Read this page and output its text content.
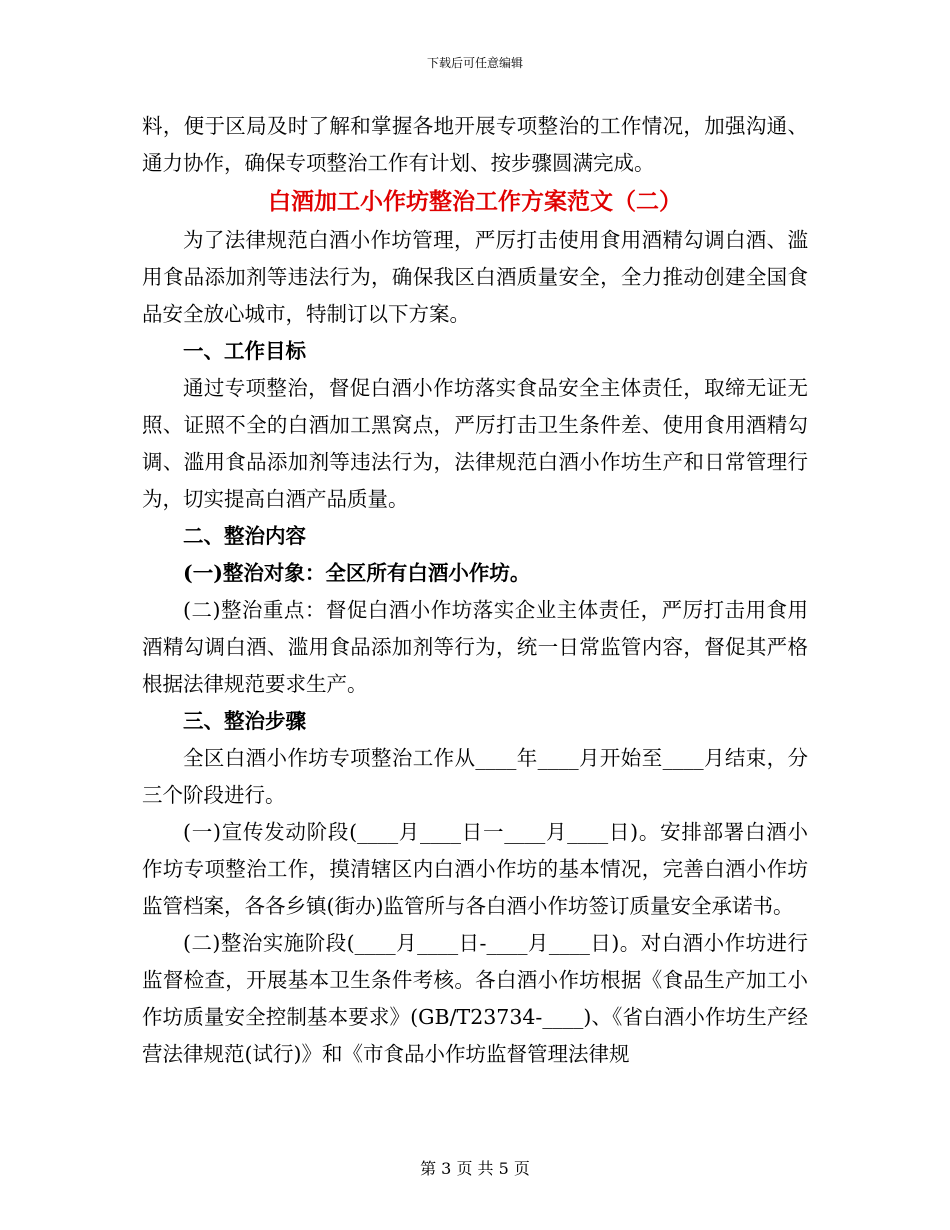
下载后可任意编辑

料，便于区局及时了解和掌握各地开展专项整治的工作情况，加强沟通、通力协作，确保专项整治工作有计划、按步骤圆满完成。

白酒加工小作坊整治工作方案范文（二）

为了法律规范白酒小作坊管理，严厉打击使用食用酒精勾调白酒、滥用食品添加剂等违法行为，确保我区白酒质量安全，全力推动创建全国食品安全放心城市，特制订以下方案。

一、工作目标

通过专项整治，督促白酒小作坊落实食品安全主体责任，取缔无证无照、证照不全的白酒加工黑窝点，严厉打击卫生条件差、使用食用酒精勾调、滥用食品添加剂等违法行为，法律规范白酒小作坊生产和日常管理行为，切实提高白酒产品质量。

二、整治内容

(一)整治对象：全区所有白酒小作坊。

(二)整治重点：督促白酒小作坊落实企业主体责任，严厉打击用食用酒精勾调白酒、滥用食品添加剂等行为，统一日常监管内容，督促其严格根据法律规范要求生产。

三、整治步骤

全区白酒小作坊专项整治工作从____年____月开始至____月结束，分三个阶段进行。

(一)宣传发动阶段(____月____日一____月____日)。安排部署白酒小作坊专项整治工作，摸清辖区内白酒小作坊的基本情况，完善白酒小作坊监管档案，各各乡镇(街办)监管所与各白酒小作坊签订质量安全承诺书。

(二)整治实施阶段(____月____日-____月____日)。对白酒小作坊进行监督检查，开展基本卫生条件考核。各白酒小作坊根据《食品生产加工小作坊质量安全控制基本要求》(GB/T23734-____)、《省白酒小作坊生产经营法律规范(试行)》和《市食品小作坊监督管理法律规

第 3 页 共 5 页
